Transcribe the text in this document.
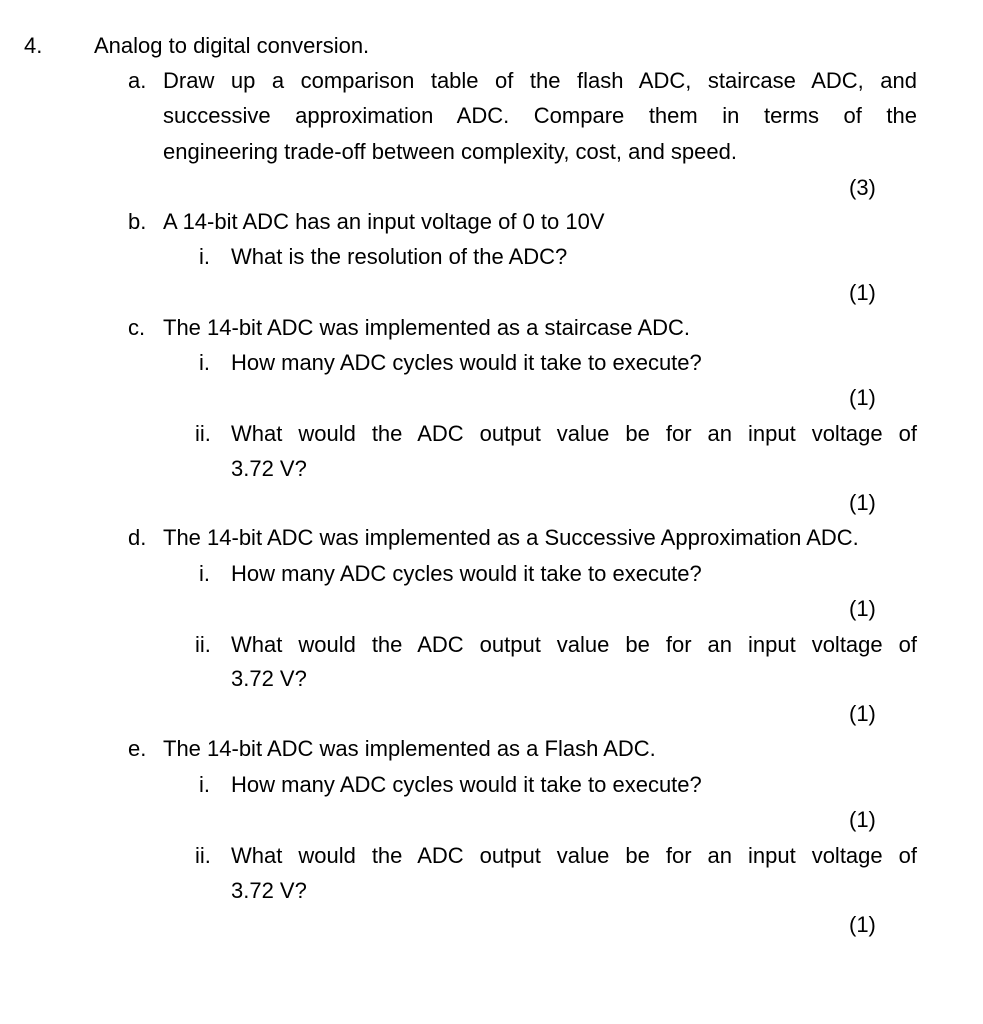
4. Analog to digital conversion.
a. Draw up a comparison table of the flash ADC, staircase ADC, and
successive approximation ADC. Compare them in terms of the
engineering trade-off between complexity, cost, and speed.
(3)
b. A 14-bit ADC has an input voltage of 0 to 10V
i. What is the resolution of the ADC?
(1)
c. The 14-bit ADC was implemented as a staircase ADC.
i. How many ADC cycles would it take to execute?
(1)
ii. What would the ADC output value be for an input voltage of
3.72 V?
(1)
d. The 14-bit ADC was implemented as a Successive Approximation ADC.
i. How many ADC cycles would it take to execute?
(1)
ii. What would the ADC output value be for an input voltage of
3.72 V?
(1)
e. The 14-bit ADC was implemented as a Flash ADC.
i. How many ADC cycles would it take to execute?
(1)
ii. What would the ADC output value be for an input voltage of
3.72 V?
(1)
